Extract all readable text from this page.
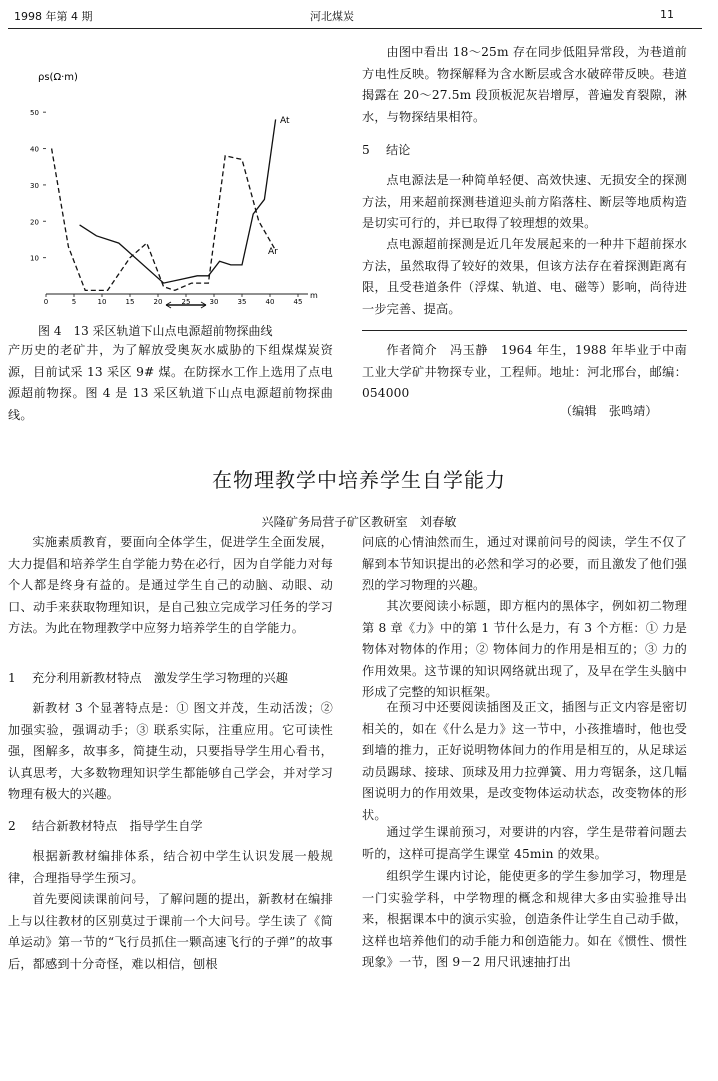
1998 年第 4 期	河北煤炭	11
ρs(Ω·m)
50
40
30
20
10
0	5	10	15	20	25	30	35	40	45
m
At
Ar
图 4　13 采区轨道下山点电源超前物探曲线

产历史的老矿井，为了解放受奥灰水威胁的下组煤煤炭资源，目前试采 13 采区 9# 煤。在防探水工作上选用了点电源超前物探。图 4 是 13 采区轨道下山点电源超前物探曲线。

由图中看出 18～25m 存在同步低阻异常段，为巷道前方电性反映。物探解释为含水断层或含水破碎带反映。巷道揭露在 20～27.5m 段顶板泥灰岩增厚，普遍发育裂隙，淋水，与物探结果相符。

5 结论

点电源法是一种简单轻便、高效快速、无损安全的探测方法，用来超前探测巷道迎头前方陷落柱、断层等地质构造是切实可行的，并已取得了较理想的效果。

点电源超前探测是近几年发展起来的一种井下超前探水方法，虽然取得了较好的效果，但该方法存在着探测距离有限，且受巷道条件（浮煤、轨道、电、磁等）影响，尚待进一步完善、提高。

作者简介　冯玉静　1964 年生，1988 年毕业于中南工业大学矿井物探专业，工程师。地址：河北邢台，邮编：054000

（编辑　张鸣靖）
在物理教学中培养学生自学能力
兴隆矿务局营子矿区教研室　刘春敏

实施素质教育，要面向全体学生，促进学生全面发展，大力提倡和培养学生自学能力势在必行，因为自学能力对每个人都是终身有益的。是通过学生自己的动脑、动眼、动口、动手来获取物理知识，是自己独立完成学习任务的学习方法。为此在物理教学中应努力培养学生的自学能力。

1 充分利用新教材特点　激发学生学习物理的兴趣

新教材 3 个显著特点是：① 图文并茂，生动活泼；② 加强实验，强调动手；③ 联系实际，注重应用。它可读性强，图解多，故事多，简捷生动，只要指导学生用心看书，认真思考，大多数物理知识学生都能够自己学会，并对学习物理有极大的兴趣。

2 结合新教材特点　指导学生自学

根据新教材编排体系，结合初中学生认识发展一般规律，合理指导学生预习。

首先要阅读课前问号，了解问题的提出，新教材在编排上与以往教材的区别莫过于课前一个大问号。学生读了《简单运动》第一节的“飞行员抓住一颗高速飞行的子弹”的故事后，都感到十分奇怪，难以相信，刨根

问底的心情油然而生，通过对课前问号的阅读，学生不仅了解到本节知识提出的必然和学习的必要，而且激发了他们强烈的学习物理的兴趣。

其次要阅读小标题，即方框内的黑体字，例如初二物理第 8 章《力》中的第 1 节什么是力，有 3 个方框：① 力是物体对物体的作用；② 物体间力的作用是相互的；③ 力的作用效果。这节课的知识网络就出现了，及早在学生头脑中形成了完整的知识框架。

在预习中还要阅读插图及正文，插图与正文内容是密切相关的，如在《什么是力》这一节中，小孩推墙时，他也受到墙的推力，正好说明物体间力的作用是相互的，从足球运动员踢球、接球、顶球及用力拉弹簧、用力弯锯条，这几幅图说明力的作用效果，是改变物体运动状态，改变物体的形状。

通过学生课前预习，对要讲的内容，学生是带着问题去听的，这样可提高学生课堂 45min 的效果。

组织学生课内讨论，能使更多的学生参加学习，物理是一门实验学科，中学物理的概念和规律大多由实验推导出来，根据课本中的演示实验，创造条件让学生自己动手做，这样也培养他们的动手能力和创造能力。如在《惯性、惯性现象》一节，图 9－2 用尺讯速抽打出
